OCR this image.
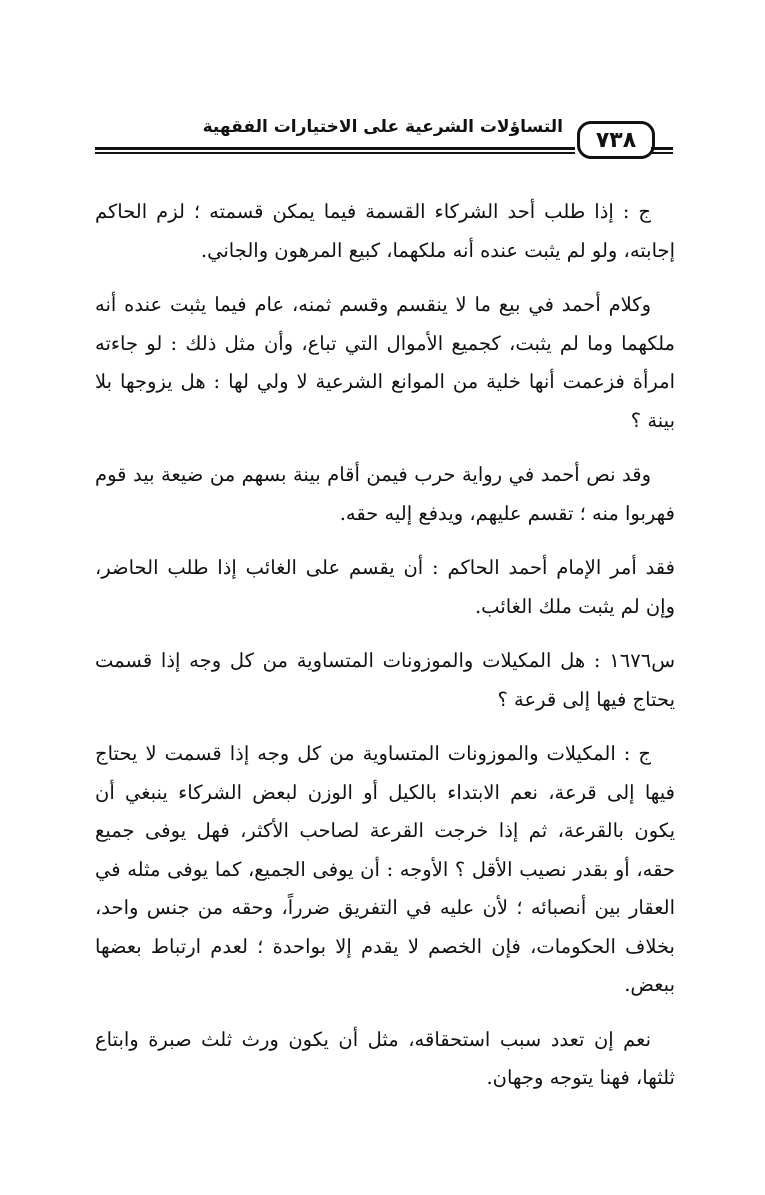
التساؤلات الشرعية على الاختيارات الفقهية
٧٣٨

ج : إذا طلب أحد الشركاء القسمة فيما يمكن قسمته ؛ لزم الحاكم إجابته، ولو لم يثبت عنده أنه ملكهما، كبيع المرهون والجاني.

وكلام أحمد في بيع ما لا ينقسم وقسم ثمنه، عام فيما يثبت عنده أنه ملكهما وما لم يثبت، كجميع الأموال التي تباع، وأن مثل ذلك : لو جاءته امرأة فزعمت أنها خلية من الموانع الشرعية لا ولي لها : هل يزوجها بلا بينة ؟

وقد نص أحمد في رواية حرب فيمن أقام بينة بسهم من ضيعة بيد قوم فهربوا منه ؛ تقسم عليهم، ويدفع إليه حقه.

فقد أمر الإمام أحمد الحاكم : أن يقسم على الغائب إذا طلب الحاضر، وإن لم يثبت ملك الغائب.

س١٦٧٦ : هل المكيلات والموزونات المتساوية من كل وجه إذا قسمت يحتاج فيها إلى قرعة ؟

ج : المكيلات والموزونات المتساوية من كل وجه إذا قسمت لا يحتاج فيها إلى قرعة، نعم الابتداء بالكيل أو الوزن لبعض الشركاء ينبغي أن يكون بالقرعة، ثم إذا خرجت القرعة لصاحب الأكثر، فهل يوفى جميع حقه، أو بقدر نصيب الأقل ؟ الأوجه : أن يوفى الجميع، كما يوفى مثله في العقار بين أنصبائه ؛ لأن عليه في التفريق ضرراً، وحقه من جنس واحد، بخلاف الحكومات، فإن الخصم لا يقدم إلا بواحدة ؛ لعدم ارتباط بعضها ببعض.

نعم إن تعدد سبب استحقاقه، مثل أن يكون ورث ثلث صبرة وابتاع ثلثها، فهنا يتوجه وجهان.
